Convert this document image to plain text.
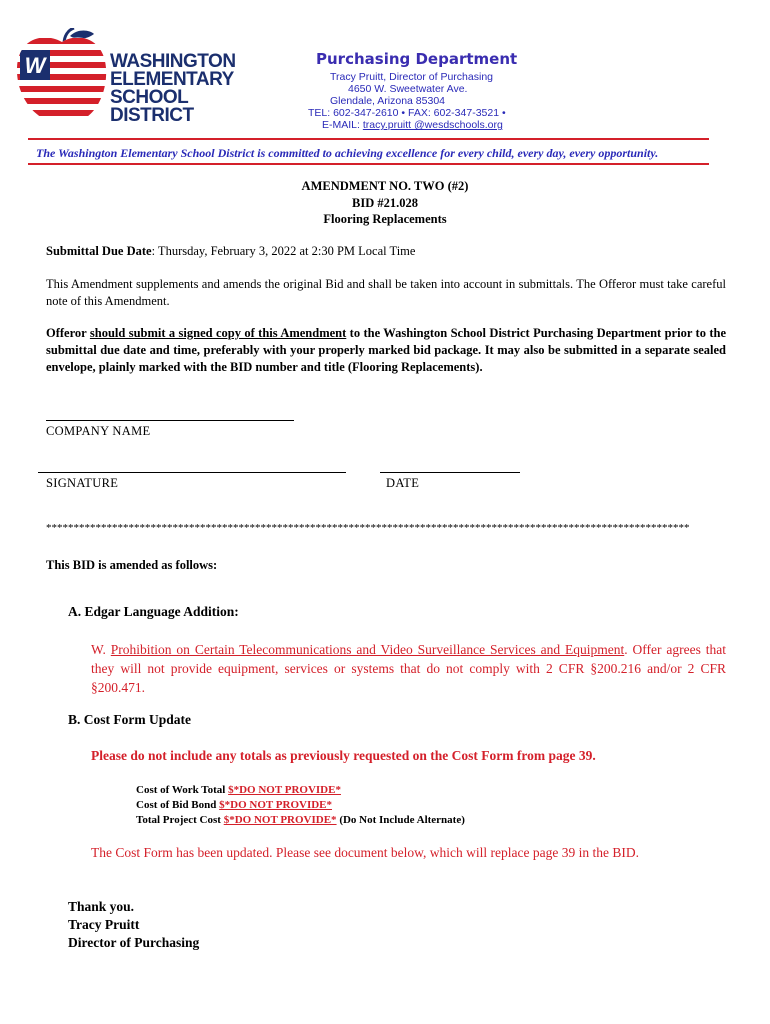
W	WASHINGTON
ELEMENTARY
SCHOOL
DISTRICT
Purchasing Department
Tracy Pruitt, Director of Purchasing
4650 W. Sweetwater Ave.
Glendale, Arizona 85304
TEL: 602-347-2610 • FAX: 602-347-3521 •
E-MAIL: tracy.pruitt @wesdschools.org
The Washington Elementary School District is committed to achieving excellence for every child, every day, every opportunity.
AMENDMENT NO. TWO (#2)
BID #21.028
Flooring Replacements
Submittal Due Date: Thursday, February 3, 2022 at 2:30 PM Local Time
This Amendment supplements and amends the original Bid and shall be taken into account in submittals. The Offeror must take careful note of this Amendment.
Offeror should submit a signed copy of this Amendment to the Washington School District Purchasing Department prior to the submittal due date and time, preferably with your properly marked bid package. It may also be submitted in a separate sealed envelope, plainly marked with the BID number and title (Flooring Replacements).
COMPANY NAME
SIGNATURE	DATE
*********************************************************************************************************************
This BID is amended as follows:
A. Edgar Language Addition:
W. Prohibition on Certain Telecommunications and Video Surveillance Services and Equipment. Offer agrees that they will not provide equipment, services or systems that do not comply with 2 CFR §200.216 and/or 2 CFR §200.471.
B. Cost Form Update
Please do not include any totals as previously requested on the Cost Form from page 39.
Cost of Work Total $*DO NOT PROVIDE*
Cost of Bid Bond $*DO NOT PROVIDE*
Total Project Cost $*DO NOT PROVIDE* (Do Not Include Alternate)
The Cost Form has been updated. Please see document below, which will replace page 39 in the BID.
Thank you.
Tracy Pruitt
Director of Purchasing
